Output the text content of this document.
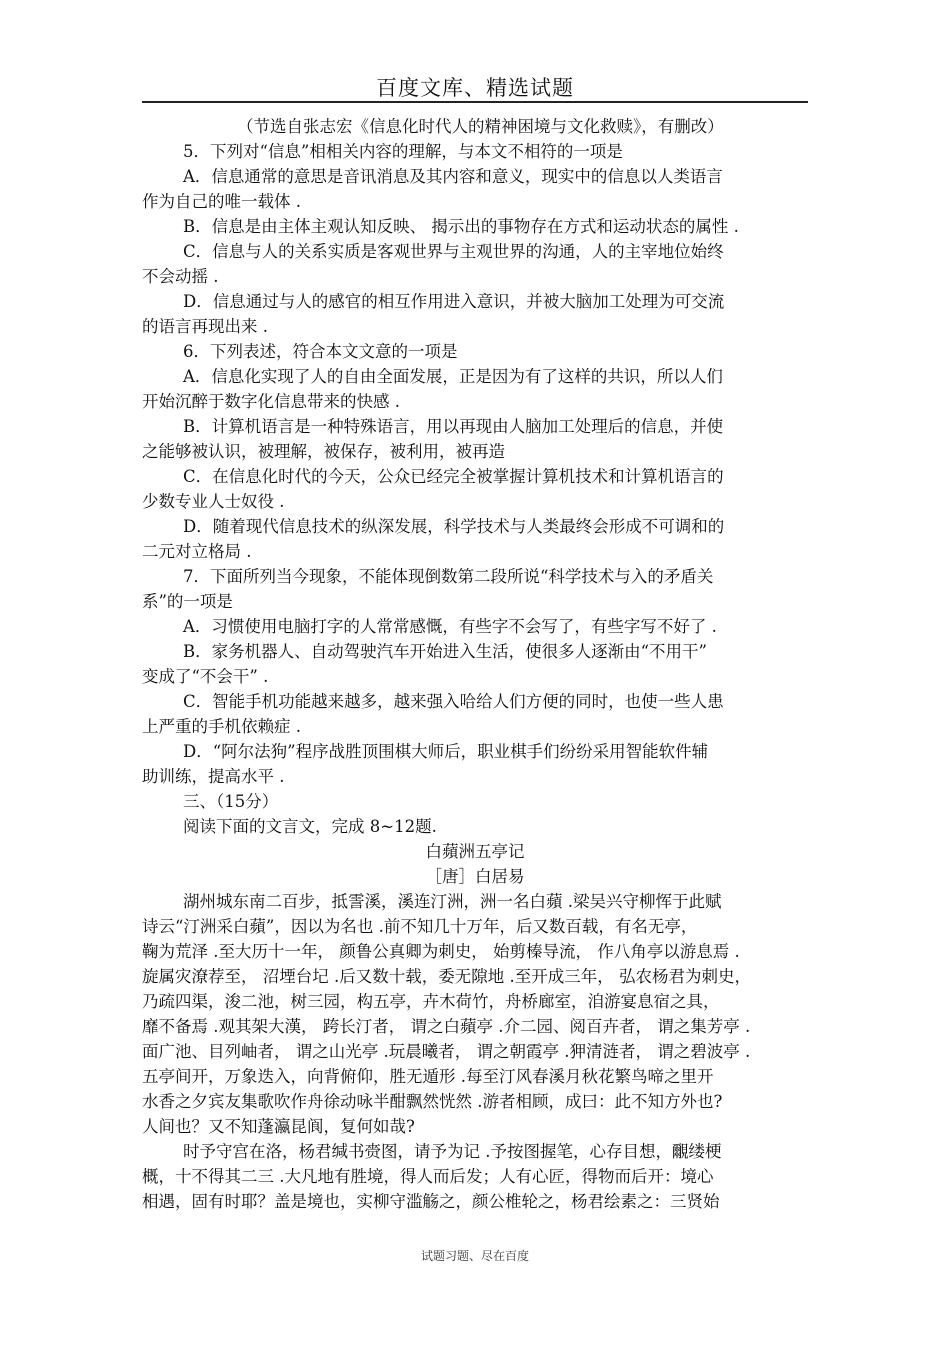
百度文库、精选试题
（节选自张志宏《信息化时代人的精神困境与文化救赎》，有删改）
5．下列对“信息”相相关内容的理解，与本文不相符的一项是
A．信息通常的意思是音讯消息及其内容和意义，现实中的信息以人类语言
作为自己的唯一载体 .
B．信息是由主体主观认知反映、 揭示出的事物存在方式和运动状态的属性 .
C．信息与人的关系实质是客观世界与主观世界的沟通，人的主宰地位始终
不会动摇 .
D．信息通过与人的感官的相互作用进入意识，并被大脑加工处理为可交流
的语言再现出来 .
6．下列表述，符合本文文意的一项是
A．信息化实现了人的自由全面发展，正是因为有了这样的共识，所以人们
开始沉醉于数字化信息带来的快感 .
B．计算机语言是一种特殊语言，用以再现由人脑加工处理后的信息，并使
之能够被认识，被理解，被保存，被利用，被再造
C．在信息化时代的今天，公众已经完全被掌握计算机技术和计算机语言的
少数专业人士奴役 .
D．随着现代信息技术的纵深发展，科学技术与人类最终会形成不可调和的
二元对立格局 .
7．下面所列当今现象，不能体现倒数第二段所说“科学技术与入的矛盾关
系”的一项是
A．习惯使用电脑打字的人常常感慨，有些字不会写了，有些字写不好了 .
B．家务机器人、自动驾驶汽车开始进入生活，使很多人逐渐由“不用干”
变成了“不会干” .
C．智能手机功能越来越多，越来强入哈给人们方便的同时，也使一些人患
上严重的手机依赖症 .
D．“阿尔法狗”程序战胜顶围棋大师后，职业棋手们纷纷采用智能软件辅
助训练，提高水平 .
三、（15分）
阅读下面的文言文，完成 8~12题.
白蘋洲五亭记
［唐］白居易
湖州城东南二百步，抵霅溪，溪连汀洲，洲一名白蘋 .梁吴兴守柳恽于此赋
诗云“汀洲采白蘋”，因以为名也 .前不知几十万年，后又数百载，有名无亭，
鞠为荒泽 .至大历十一年， 颜鲁公真卿为刺史， 始剪榛导流， 作八角亭以游息焉 .
旋属灾潦荐至， 沼堙台圮 .后又数十载，委无隙地 .至开成三年， 弘农杨君为刺史，
乃疏四渠，浚二池，树三园，构五亭，卉木荷竹，舟桥廊室，洎游宴息宿之具，
靡不备焉 .观其架大漢， 跨长汀者， 谓之白蘋亭 .介二园、阅百卉者， 谓之集芳亭 .
面广池、目列岫者， 谓之山光亭 .玩晨曦者， 谓之朝霞亭 .狎清涟者， 谓之碧波亭 .
五亭间开，万象迭入，向背俯仰，胜无遁形 .每至汀风春溪月秋花繁鸟啼之里开
水香之夕宾友集歌吹作舟徐动咏半酣飘然恍然 .游者相顾，成曰：此不知方外也?
人间也？又不知蓬瀛昆阆，复何如哉?
时予守宫在洛，杨君缄书赍图，请予为记 .予按图握笔，心存目想，覼缕梗
概，十不得其二三 .大凡地有胜境，得人而后发；人有心匠，得物而后开：境心
相遇，固有时耶？盖是境也，实柳守滥觞之，颜公椎轮之，杨君绘素之：三贤始
试题习题、尽在百度
